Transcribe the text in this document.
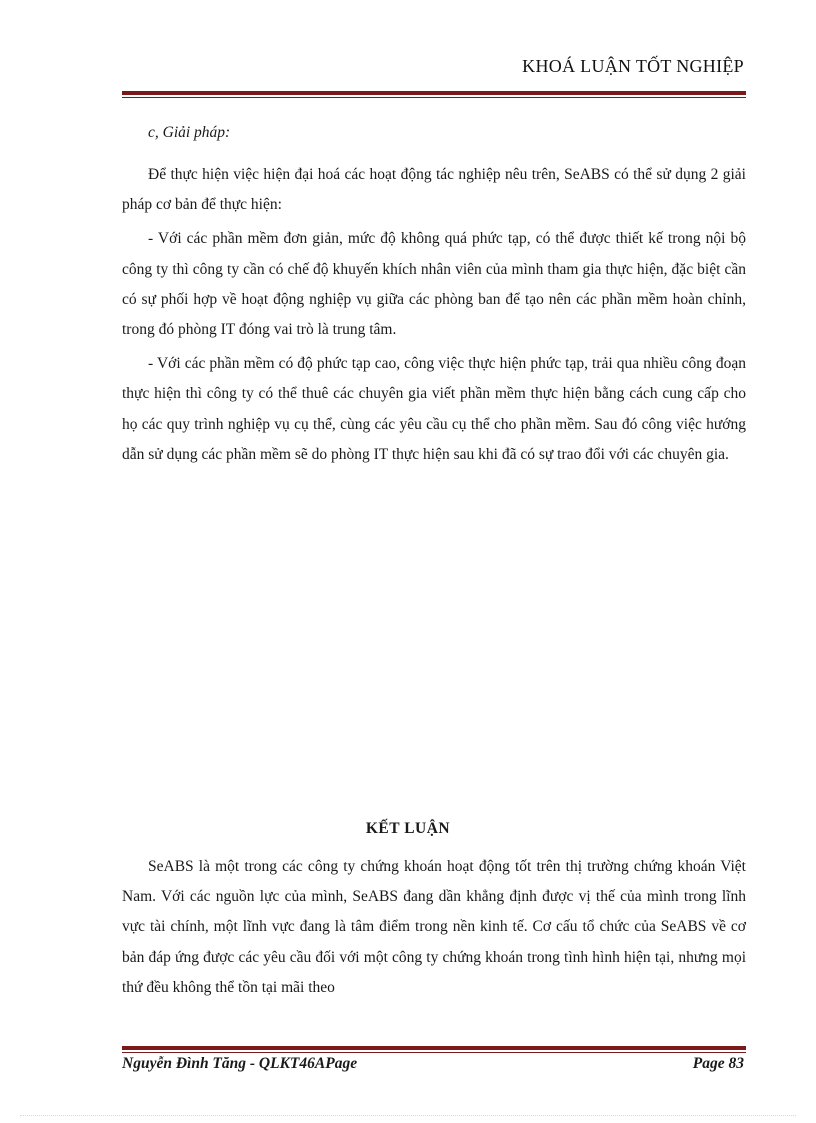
KHOÁ LUẬN TỐT NGHIỆP
c, Giải pháp:

Để thực hiện việc hiện đại hoá các hoạt động tác nghiệp nêu trên, SeABS có thể sử dụng 2 giải pháp cơ bản để thực hiện:

- Với các phần mềm đơn giản, mức độ không quá phức tạp, có thể được thiết kế trong nội bộ công ty thì công ty cần có chế độ khuyến khích nhân viên của mình tham gia thực hiện, đặc biệt cần có sự phối hợp về hoạt động nghiệp vụ giữa các phòng ban để tạo nên các phần mềm hoàn chỉnh, trong đó phòng IT đóng vai trò là trung tâm.

- Với các phần mềm có độ phức tạp cao, công việc thực hiện phức tạp, trải qua nhiều công đoạn thực hiện thì công ty có thể thuê các chuyên gia viết phần mềm thực hiện bằng cách cung cấp cho họ các quy trình nghiệp vụ cụ thể, cùng các yêu cầu cụ thể cho phần mềm. Sau đó công việc hướng dẫn sử dụng các phần mềm sẽ do phòng IT thực hiện sau khi đã có sự trao đổi với các chuyên gia.

KẾT LUẬN

SeABS là một trong các công ty chứng khoán hoạt động tốt trên thị trường chứng khoán Việt Nam. Với các nguồn lực của mình, SeABS đang dần khẳng định được vị thế của mình trong lĩnh vực tài chính, một lĩnh vực đang là tâm điểm trong nền kinh tế. Cơ cấu tổ chức của SeABS về cơ bản đáp ứng được các yêu cầu đối với một công ty chứng khoán trong tình hình hiện tại, nhưng mọi thứ đều không thể tồn tại mãi theo

Nguyễn Đình Tăng - QLKT46APage	Page 83
